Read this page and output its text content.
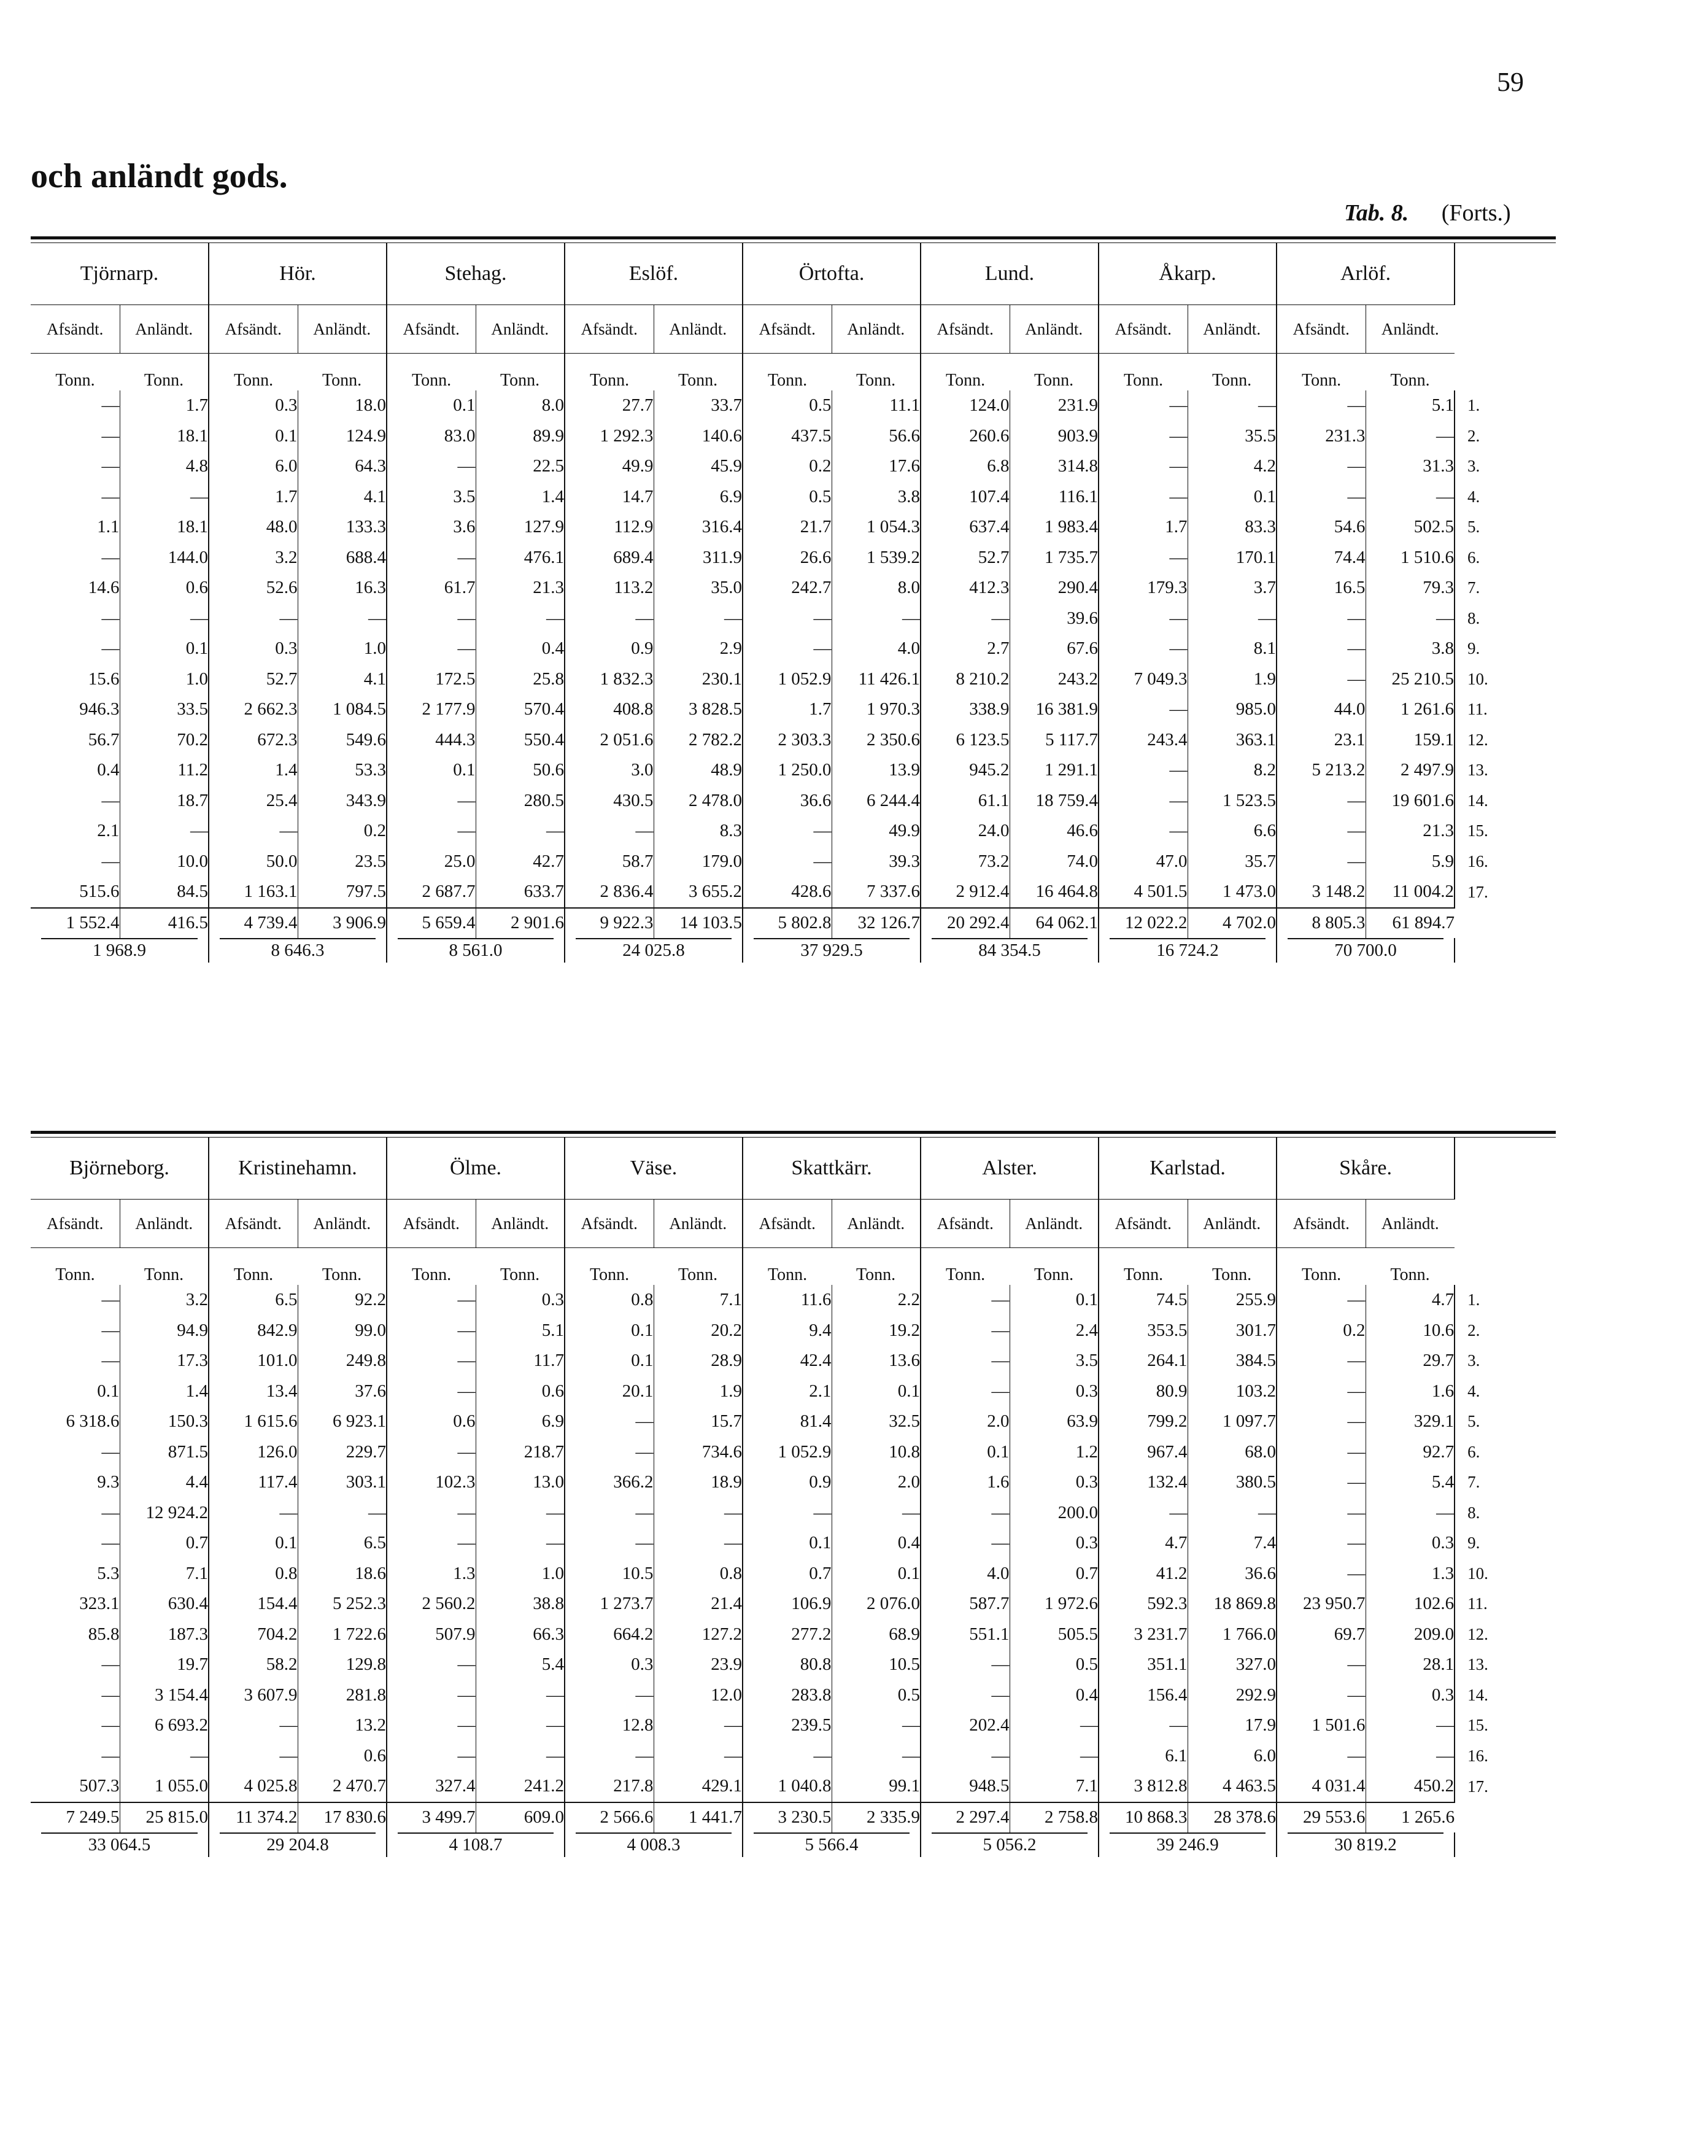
59
och anländt gods.
Tab. 8. (Forts.)
Tjörnarp.		Hör.		Stehag.		Eslöf.		Örtofta.		Lund.		Åkarp.		Arlöf.		
Afsändt.	Anländt.	Afsändt.	Anländt.	Afsändt.	Anländt.	Afsändt.	Anländt.	Afsändt.	Anländt.	Afsändt.	Anländt.	Afsändt.	Anländt.	Afsändt.	Anländt.	
Tonn.	Tonn.	Tonn.	Tonn.	Tonn.	Tonn.	Tonn.	Tonn.	Tonn.	Tonn.	Tonn.	Tonn.	Tonn.	Tonn.	Tonn.	Tonn.	
—	1.7	0.3	18.0	0.1	8.0	27.7	33.7	0.5	11.1	124.0	231.9	—	—	—	5.1	1.
—	18.1	0.1	124.9	83.0	89.9	1 292.3	140.6	437.5	56.6	260.6	903.9	—	35.5	231.3	—	2.
—	4.8	6.0	64.3	—	22.5	49.9	45.9	0.2	17.6	6.8	314.8	—	4.2	—	31.3	3.
—	—	1.7	4.1	3.5	1.4	14.7	6.9	0.5	3.8	107.4	116.1	—	0.1	—	—	4.
1.1	18.1	48.0	133.3	3.6	127.9	112.9	316.4	21.7	1 054.3	637.4	1 983.4	1.7	83.3	54.6	502.5	5.
—	144.0	3.2	688.4	—	476.1	689.4	311.9	26.6	1 539.2	52.7	1 735.7	—	170.1	74.4	1 510.6	6.
14.6	0.6	52.6	16.3	61.7	21.3	113.2	35.0	242.7	8.0	412.3	290.4	179.3	3.7	16.5	79.3	7.
—	—	—	—	—	—	—	—	—	—	—	39.6	—	—	—	—	8.
—	0.1	0.3	1.0	—	0.4	0.9	2.9	—	4.0	2.7	67.6	—	8.1	—	3.8	9.
15.6	1.0	52.7	4.1	172.5	25.8	1 832.3	230.1	1 052.9	11 426.1	8 210.2	243.2	7 049.3	1.9	—	25 210.5	10.
946.3	33.5	2 662.3	1 084.5	2 177.9	570.4	408.8	3 828.5	1.7	1 970.3	338.9	16 381.9	—	985.0	44.0	1 261.6	11.
56.7	70.2	672.3	549.6	444.3	550.4	2 051.6	2 782.2	2 303.3	2 350.6	6 123.5	5 117.7	243.4	363.1	23.1	159.1	12.
0.4	11.2	1.4	53.3	0.1	50.6	3.0	48.9	1 250.0	13.9	945.2	1 291.1	—	8.2	5 213.2	2 497.9	13.
—	18.7	25.4	343.9	—	280.5	430.5	2 478.0	36.6	6 244.4	61.1	18 759.4	—	1 523.5	—	19 601.6	14.
2.1	—	—	0.2	—	—	—	8.3	—	49.9	24.0	46.6	—	6.6	—	21.3	15.
—	10.0	50.0	23.5	25.0	42.7	58.7	179.0	—	39.3	73.2	74.0	47.0	35.7	—	5.9	16.
515.6	84.5	1 163.1	797.5	2 687.7	633.7	2 836.4	3 655.2	428.6	7 337.6	2 912.4	16 464.8	4 501.5	1 473.0	3 148.2	11 004.2	17.
1 552.4	416.5	4 739.4	3 906.9	5 659.4	2 901.6	9 922.3	14 103.5	5 802.8	32 126.7	20 292.4	64 062.1	12 022.2	4 702.0	8 805.3	61 894.7	
1 968.9		8 646.3		8 561.0		24 025.8		37 929.5		84 354.5		16 724.2		70 700.0		
Björneborg.		Kristinehamn.		Ölme.		Väse.		Skattkärr.		Alster.		Karlstad.		Skåre.		
Afsändt.	Anländt.	Afsändt.	Anländt.	Afsändt.	Anländt.	Afsändt.	Anländt.	Afsändt.	Anländt.	Afsändt.	Anländt.	Afsändt.	Anländt.	Afsändt.	Anländt.	
Tonn.	Tonn.	Tonn.	Tonn.	Tonn.	Tonn.	Tonn.	Tonn.	Tonn.	Tonn.	Tonn.	Tonn.	Tonn.	Tonn.	Tonn.	Tonn.	
—	3.2	6.5	92.2	—	0.3	0.8	7.1	11.6	2.2	—	0.1	74.5	255.9	—	4.7	1.
—	94.9	842.9	99.0	—	5.1	0.1	20.2	9.4	19.2	—	2.4	353.5	301.7	0.2	10.6	2.
—	17.3	101.0	249.8	—	11.7	0.1	28.9	42.4	13.6	—	3.5	264.1	384.5	—	29.7	3.
0.1	1.4	13.4	37.6	—	0.6	20.1	1.9	2.1	0.1	—	0.3	80.9	103.2	—	1.6	4.
6 318.6	150.3	1 615.6	6 923.1	0.6	6.9	—	15.7	81.4	32.5	2.0	63.9	799.2	1 097.7	—	329.1	5.
—	871.5	126.0	229.7	—	218.7	—	734.6	1 052.9	10.8	0.1	1.2	967.4	68.0	—	92.7	6.
9.3	4.4	117.4	303.1	102.3	13.0	366.2	18.9	0.9	2.0	1.6	0.3	132.4	380.5	—	5.4	7.
—	12 924.2	—	—	—	—	—	—	—	—	—	200.0	—	—	—	—	8.
—	0.7	0.1	6.5	—	—	—	—	0.1	0.4	—	0.3	4.7	7.4	—	0.3	9.
5.3	7.1	0.8	18.6	1.3	1.0	10.5	0.8	0.7	0.1	4.0	0.7	41.2	36.6	—	1.3	10.
323.1	630.4	154.4	5 252.3	2 560.2	38.8	1 273.7	21.4	106.9	2 076.0	587.7	1 972.6	592.3	18 869.8	23 950.7	102.6	11.
85.8	187.3	704.2	1 722.6	507.9	66.3	664.2	127.2	277.2	68.9	551.1	505.5	3 231.7	1 766.0	69.7	209.0	12.
—	19.7	58.2	129.8	—	5.4	0.3	23.9	80.8	10.5	—	0.5	351.1	327.0	—	28.1	13.
—	3 154.4	3 607.9	281.8	—	—	—	12.0	283.8	0.5	—	0.4	156.4	292.9	—	0.3	14.
—	6 693.2	—	13.2	—	—	12.8	—	239.5	—	202.4	—	—	17.9	1 501.6	—	15.
—	—	—	0.6	—	—	—	—	—	—	—	—	6.1	6.0	—	—	16.
507.3	1 055.0	4 025.8	2 470.7	327.4	241.2	217.8	429.1	1 040.8	99.1	948.5	7.1	3 812.8	4 463.5	4 031.4	450.2	17.
7 249.5	25 815.0	11 374.2	17 830.6	3 499.7	609.0	2 566.6	1 441.7	3 230.5	2 335.9	2 297.4	2 758.8	10 868.3	28 378.6	29 553.6	1 265.6	
33 064.5		29 204.8		4 108.7		4 008.3		5 566.4		5 056.2		39 246.9		30 819.2		
